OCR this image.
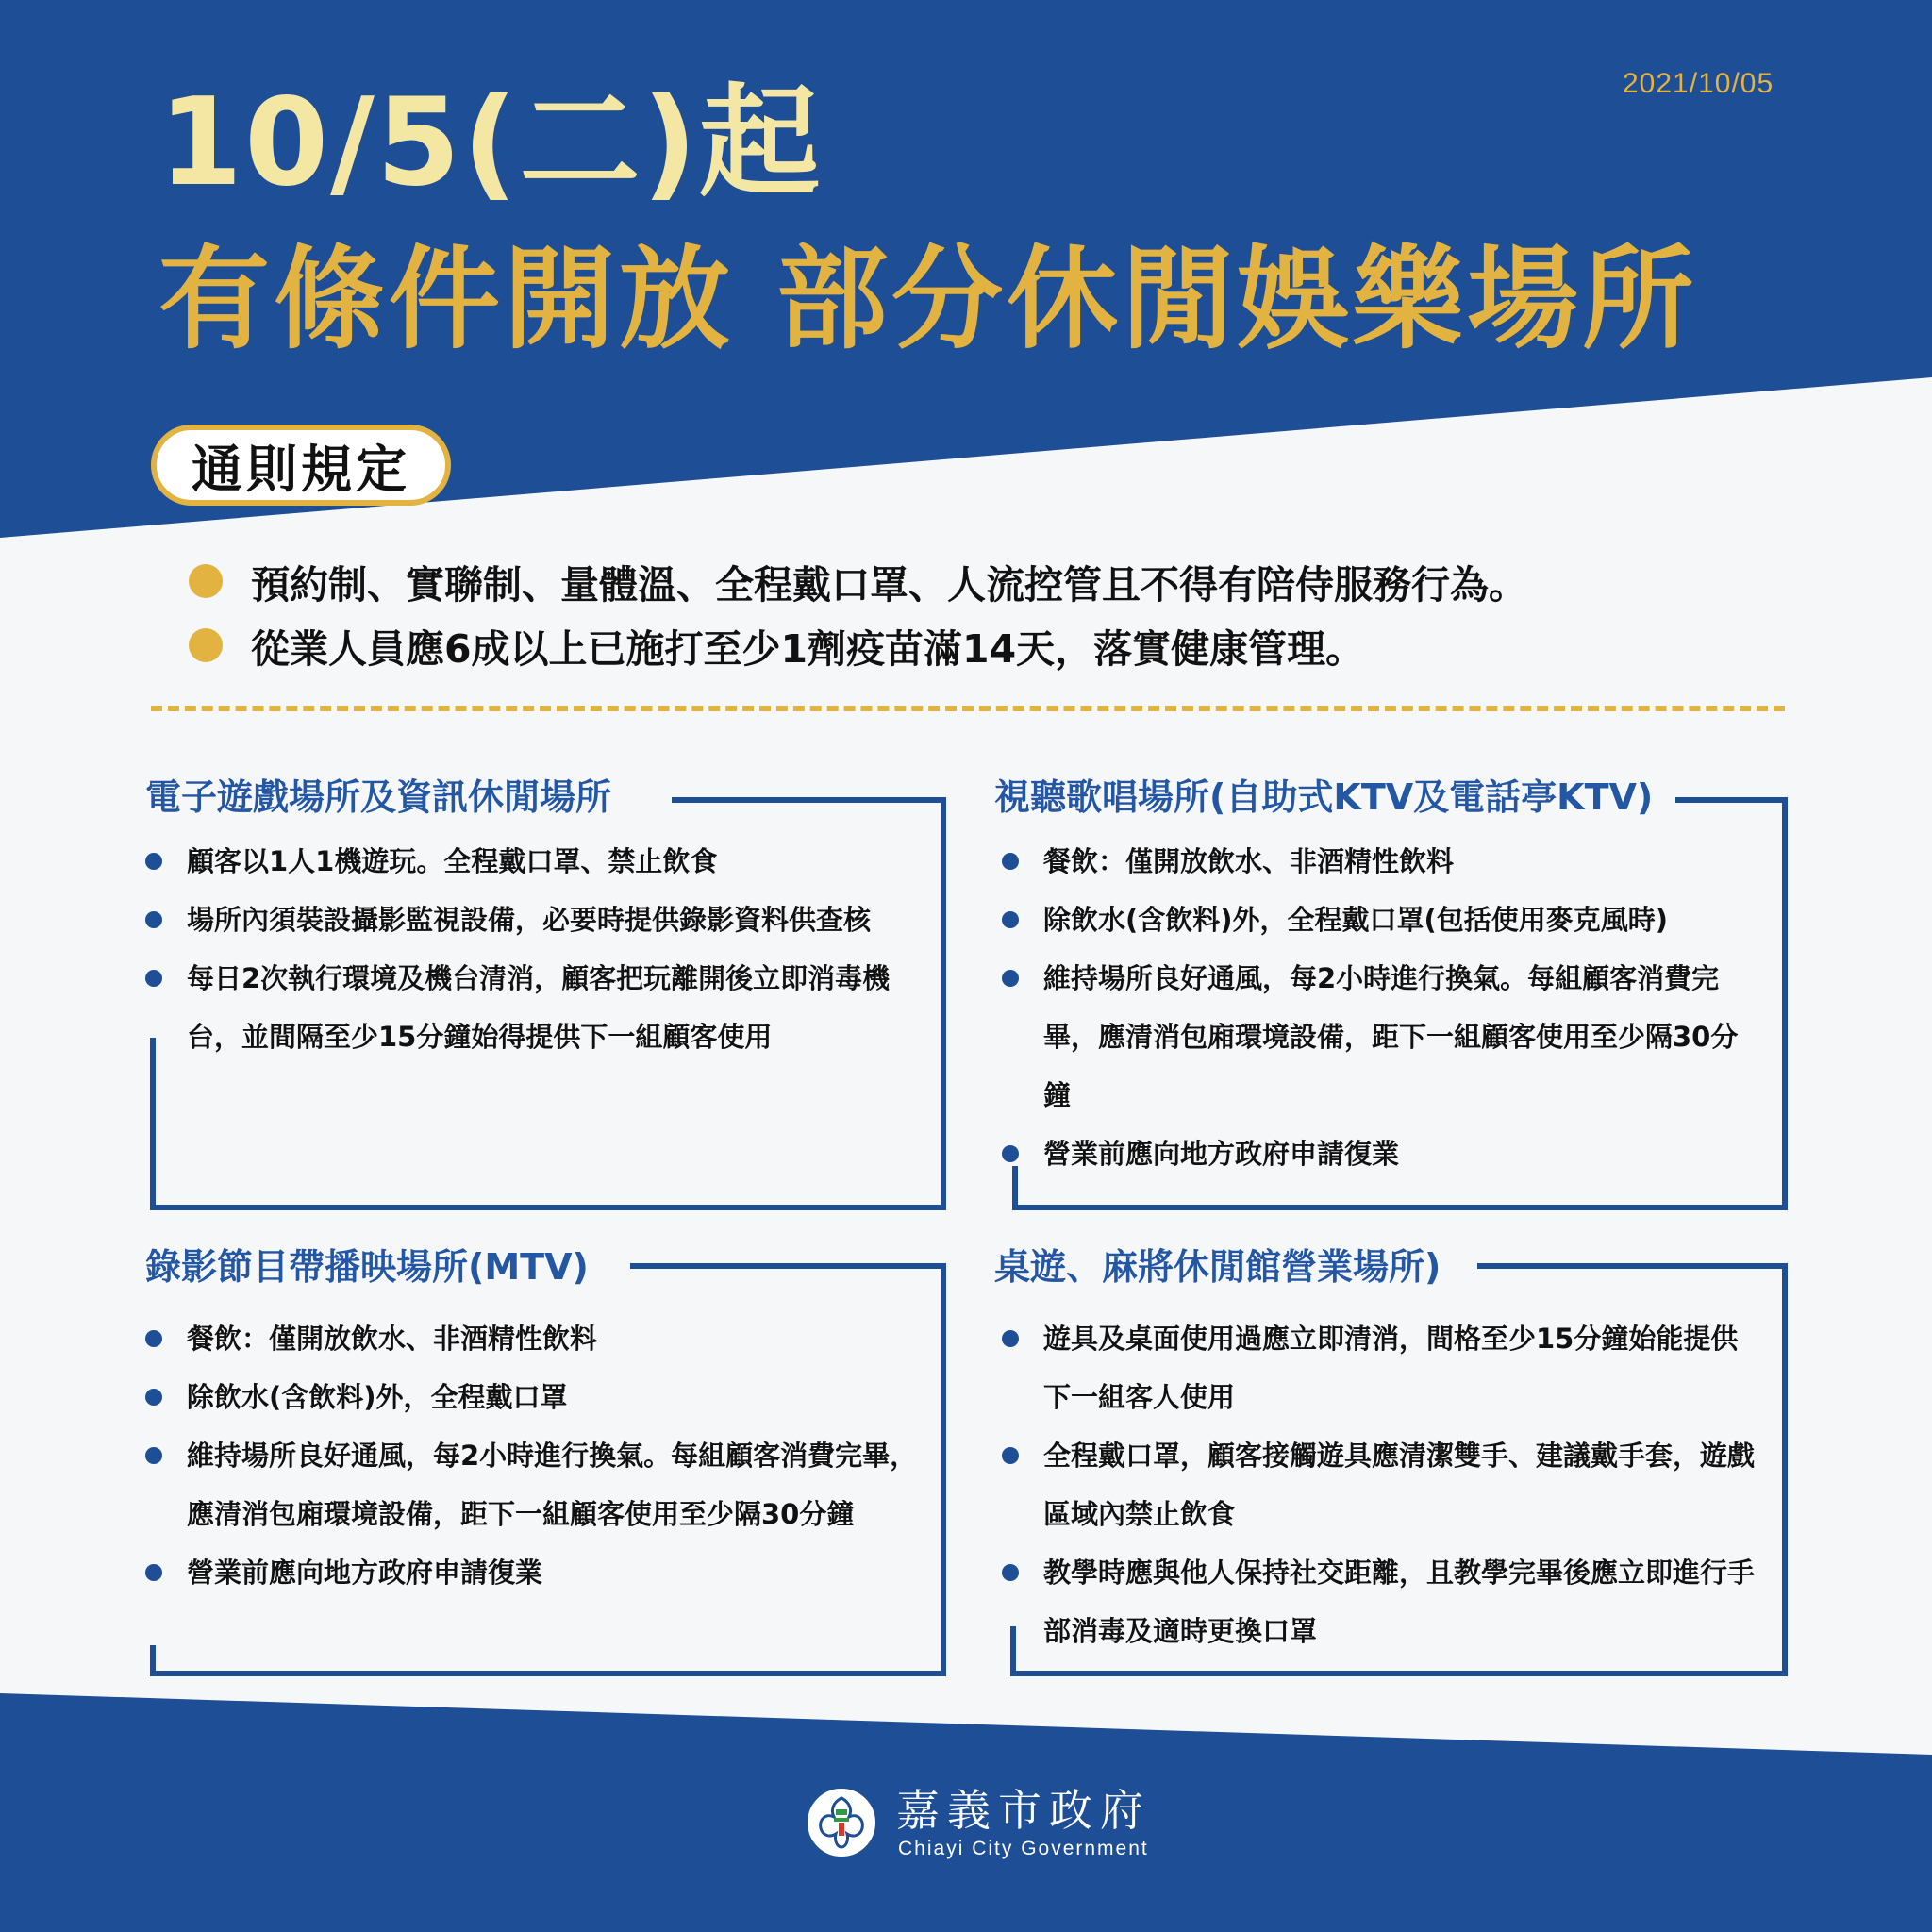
2021/10/05
10/5(二)起
有條件開放 部分休閒娛樂場所
通則規定
預約制、實聯制、量體溫、全程戴口罩、人流控管且不得有陪侍服務行為。
從業人員應6成以上已施打至少1劑疫苗滿14天，落實健康管理。
電子遊戲場所及資訊休閒場所
顧客以1人1機遊玩。全程戴口罩、禁止飲食
場所內須裝設攝影監視設備，必要時提供錄影資料供查核
每日2次執行環境及機台清消，顧客把玩離開後立即消毒機台，並間隔至少15分鐘始得提供下一組顧客使用
視聽歌唱場所(自助式KTV及電話亭KTV)
餐飲：僅開放飲水、非酒精性飲料
除飲水(含飲料)外，全程戴口罩(包括使用麥克風時)
維持場所良好通風，每2小時進行換氣。每組顧客消費完畢，應清消包廂環境設備，距下一組顧客使用至少隔30分鐘
營業前應向地方政府申請復業
錄影節目帶播映場所(MTV)
餐飲：僅開放飲水、非酒精性飲料
除飲水(含飲料)外，全程戴口罩
維持場所良好通風，每2小時進行換氣。每組顧客消費完畢，應清消包廂環境設備，距下一組顧客使用至少隔30分鐘
營業前應向地方政府申請復業
桌遊、麻將休閒館營業場所)
遊具及桌面使用過應立即清消，間格至少15分鐘始能提供下一組客人使用
全程戴口罩，顧客接觸遊具應清潔雙手、建議戴手套，遊戲區域內禁止飲食
教學時應與他人保持社交距離，且教學完畢後應立即進行手部消毒及適時更換口罩
嘉義市政府
Chiayi City Government
